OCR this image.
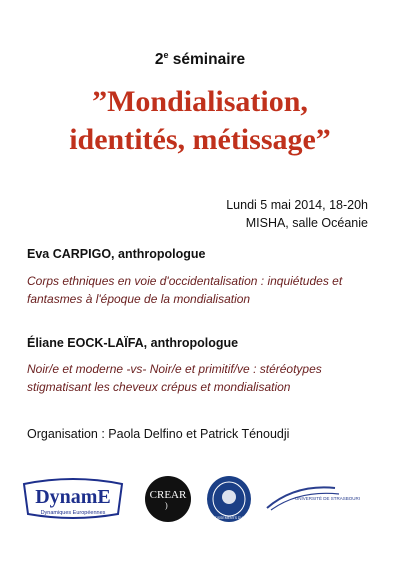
2e séminaire
”Mondialisation,
identités, métissage”
Lundi 5 mai 2014, 18-20h
MISHA, salle Océanie
Eva CARPIGO, anthropologue
Corps ethniques en voie d'occidentalisation : inquiétudes et
fantasmes à l'époque de la mondialisation
Éliane EOCK-LAÏFA, anthropologue
Noir/e et moderne -vs- Noir/e et primitif/ve : stéréotypes
stigmatisant les cheveux crépus et mondialisation
Organisation : Paola Delfino et Patrick Ténoudji
DynamE
Dynamiques Européennes
CREAR
)
INVESTISSEMENTS D'AVENIR
UNIVERSITÉ DE STRASBOURG
